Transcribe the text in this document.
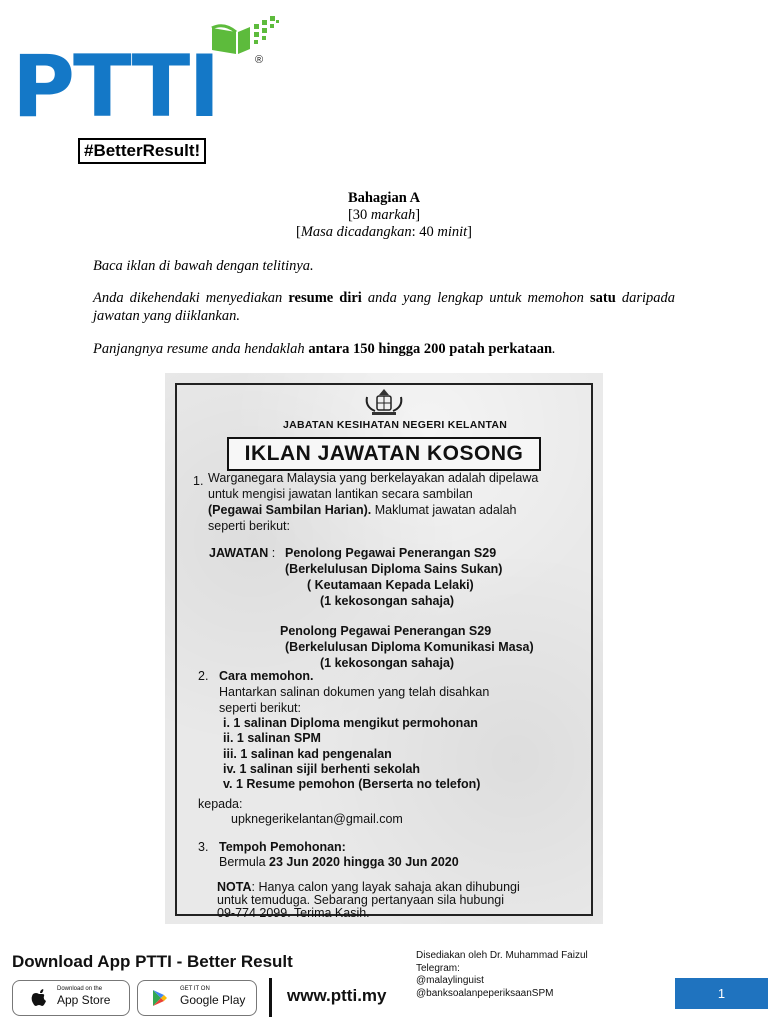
PTTI	®
#BetterResult!
Bahagian A
[30 markah]
[Masa dicadangkan: 40 minit]
Baca iklan di bawah dengan telitinya.
Anda dikehendaki menyediakan resume diri anda yang lengkap untuk memohon satu daripada jawatan yang diiklankan.
Panjangnya resume anda hendaklah antara 150 hingga 200 patah perkataan.
JABATAN KESIHATAN NEGERI KELANTAN
IKLAN JAWATAN KOSONG
1. Warganegara Malaysia yang berkelayakan adalah dipelawa
untuk mengisi jawatan lantikan secara sambilan
(Pegawai Sambilan Harian). Maklumat jawatan adalah
seperti berikut:
JAWATAN : Penolong Pegawai Penerangan S29
(Berkelulusan Diploma Sains Sukan)
( Keutamaan Kepada Lelaki)
(1 kekosongan sahaja)
Penolong Pegawai Penerangan S29
(Berkelulusan Diploma Komunikasi Masa)
(1 kekosongan sahaja)
2. Cara memohon.
Hantarkan salinan dokumen yang telah disahkan
seperti berikut:
i. 1 salinan Diploma mengikut permohonan
ii. 1 salinan SPM
iii. 1 salinan kad pengenalan
iv. 1 salinan sijil berhenti sekolah
v. 1 Resume pemohon (Berserta no telefon)
kepada:
upknegerikelantan@gmail.com
3. Tempoh Pemohonan:
Bermula 23 Jun 2020 hingga 30 Jun 2020
NOTA: Hanya calon yang layak sahaja akan dihubungi
untuk temuduga. Sebarang pertanyaan sila hubungi
09-774 2099. Terima Kasih.
Download App PTTI - Better Result
Download on the
App Store
GET IT ON
Google Play www.ptti.my
Disediakan oleh Dr. Muhammad Faizul
Telegram:
@malaylinguist
@banksoalanpeperiksaanSPM	1
